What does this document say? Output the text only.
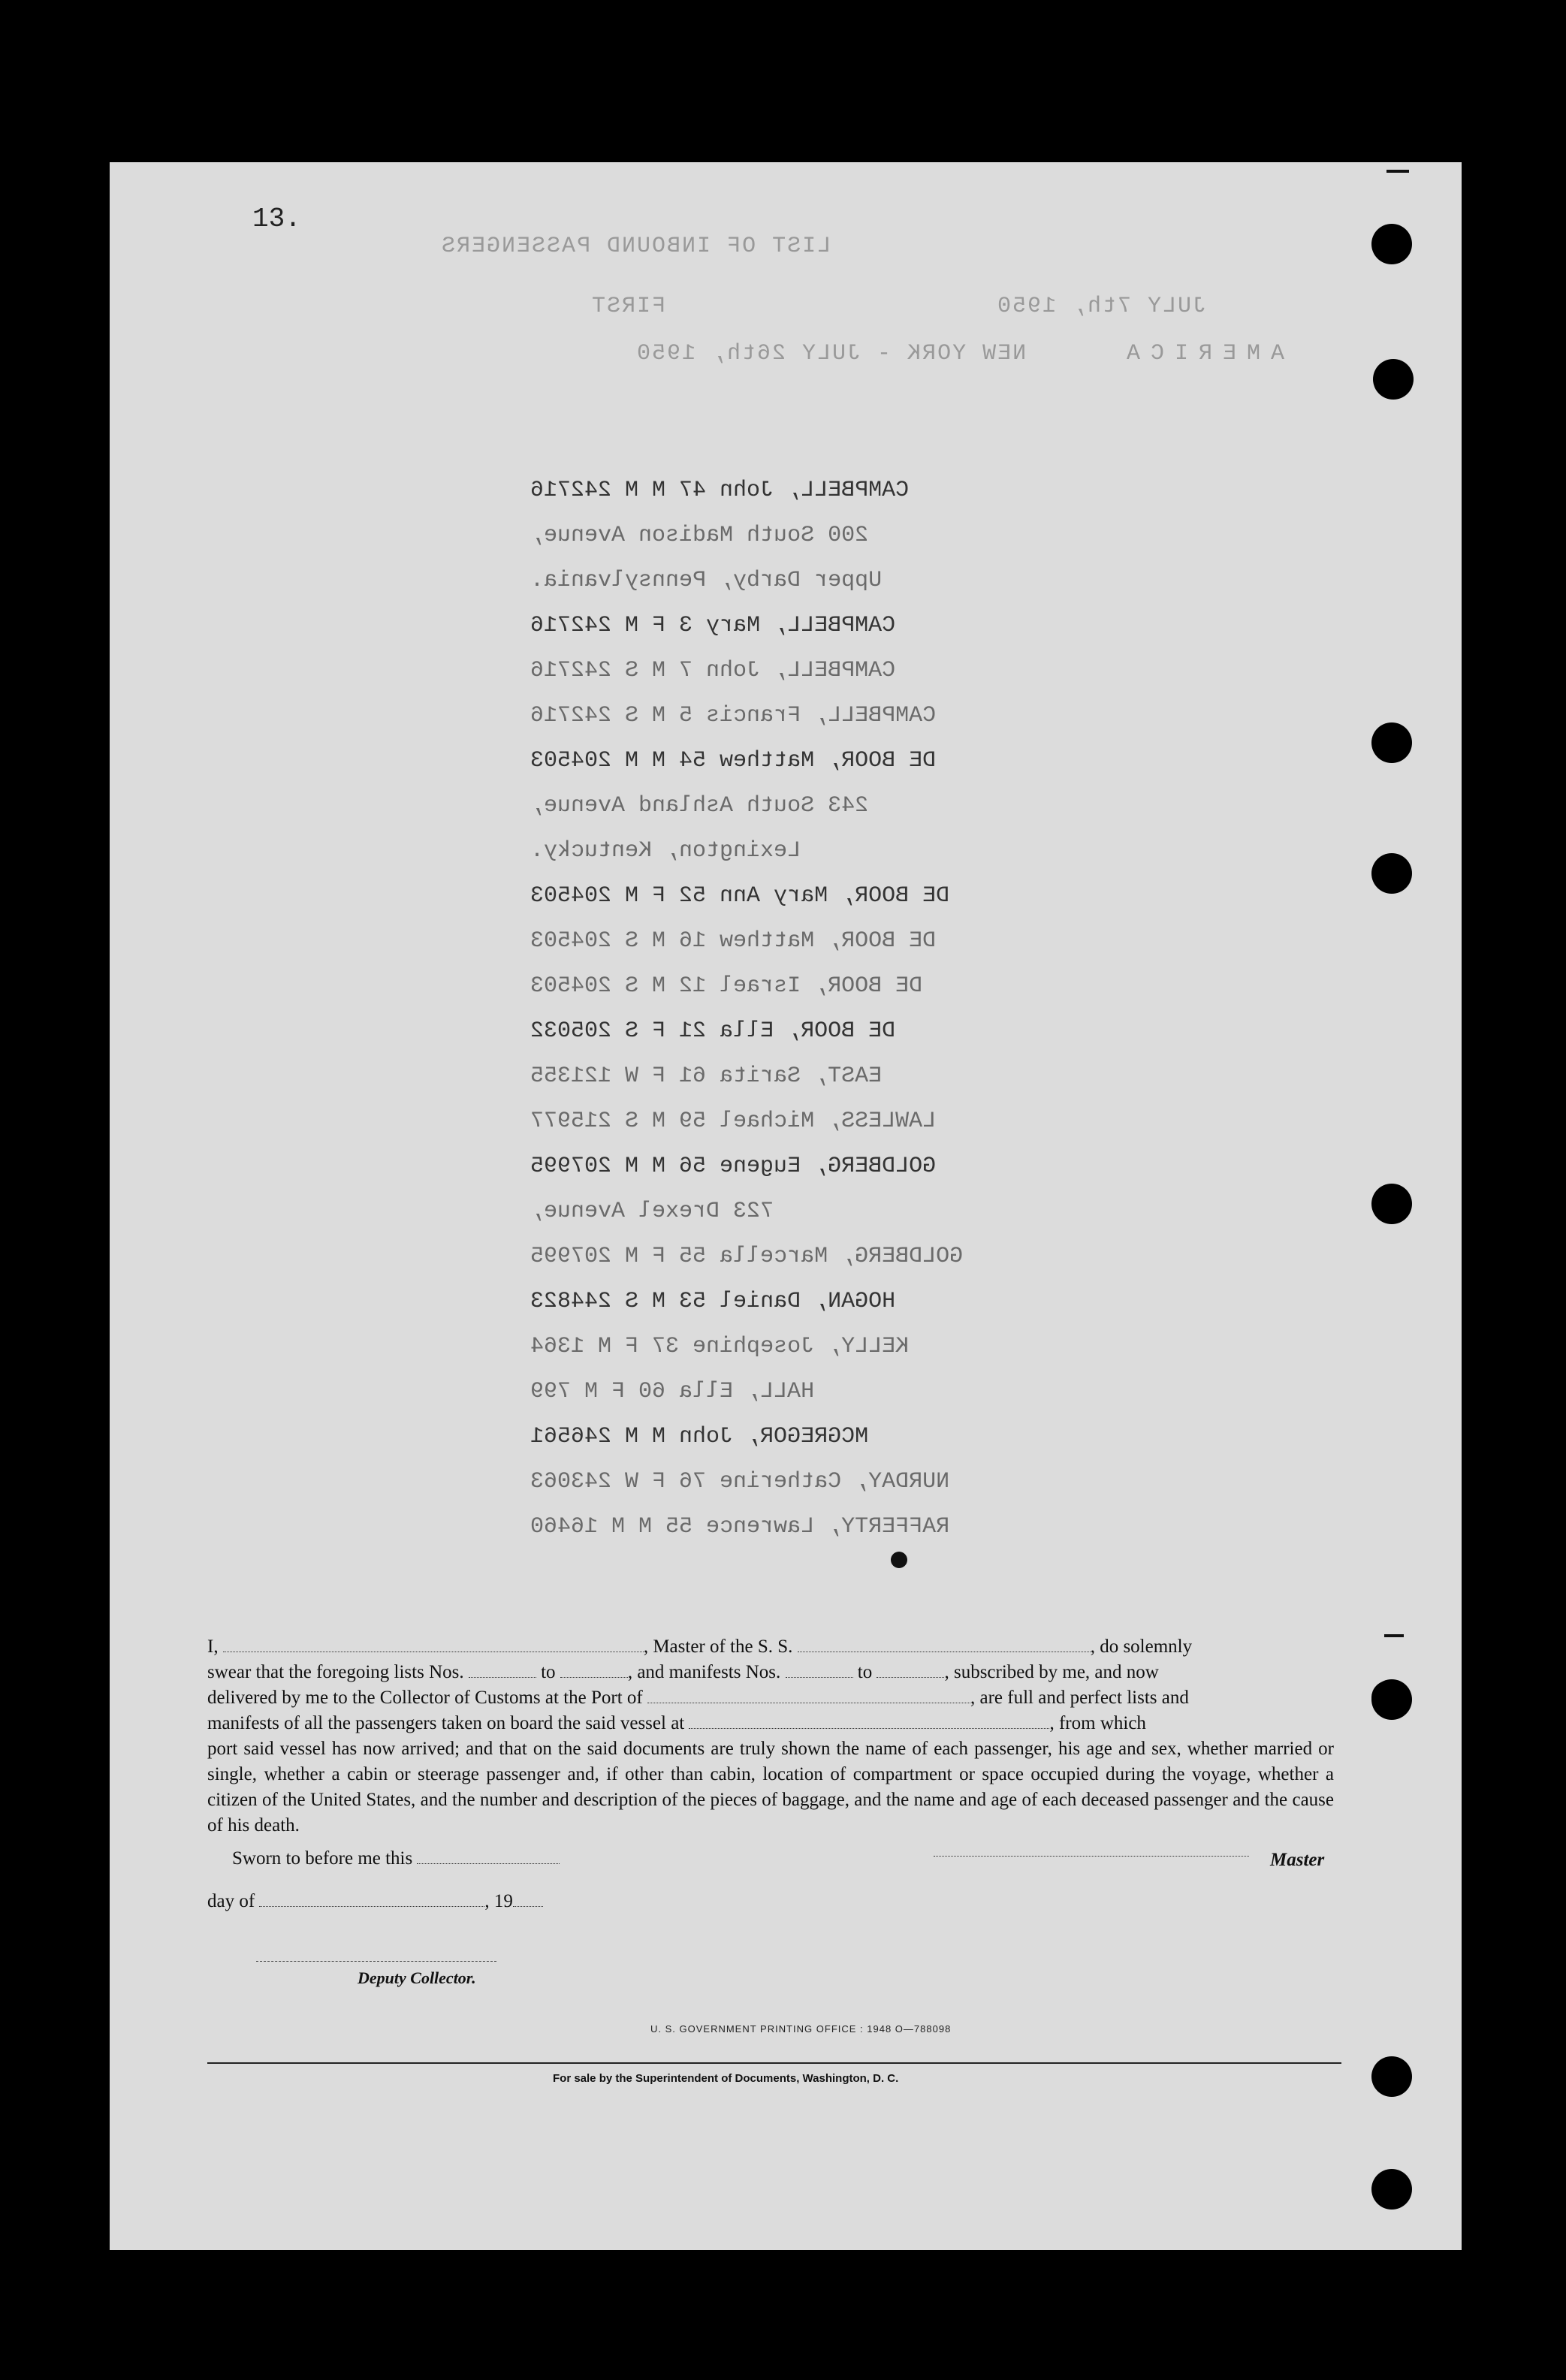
13.
LIST OF INBOUND PASSENGERS
FIRST	JULY 7th, 1950
NEW YORK - JULY 26th, 1950	AMERICA
CAMPBELL, John 47 M M 242716
200 South Madison Avenue,
Upper Darby, Pennsylvania.
CAMPBELL, Mary 3 F M 242716
CAMPBELL, John 7 M S 242716
CAMPBELL, Francis 5 M S 242716
DE BOOR, Matthew 54 M M 204503
243 South Ashland Avenue,
Lexington, Kentucky.
DE BOOR, Mary Ann 52 F M 204503
DE BOOR, Matthew 16 M S 204503
DE BOOR, Israel 12 M S 204503
DE BOOR, Ella 21 F S 205032
EAST, Sarita 61 F W 121355
LAWLESS, Michael 59 M S 215977
GOLDBERG, Eugene 56 M M 207995
723 Drexel Avenue,
GOLDBERG, Marcella 55 F M 207995
HOGAN, Daniel 53 M S 244823
KELLY, Josephine 37 F M 1364
HALL, Ella 60 F M 799
MCGREGOR, John M M 246561
NURDAY, Catherine 76 F W 243063
RAFFERTY, Lawrence 55 M M 16460

I,	, Master of the S. S.	, do solemnly

swear that the foregoing lists Nos.	to	, and manifests Nos.	to	, subscribed by me, and now

delivered by me to the Collector of Customs at the Port of	, are full and perfect lists and

manifests of all the passengers taken on board the said vessel at	, from which

port said vessel has now arrived; and that on the said documents are truly shown the name of each passenger, his age and sex, whether married or single, whether a cabin or steerage passenger and, if other than cabin, location of compartment or space occupied during the voyage, whether a citizen of the United States, and the number and description of the pieces of baggage, and the name and age of each deceased passenger and the cause of his death.

Sworn to before me this	Master
day of	, 19
Deputy Collector.
U. S. GOVERNMENT PRINTING OFFICE : 1948 O—788098
For sale by the Superintendent of Documents, Washington, D. C.
